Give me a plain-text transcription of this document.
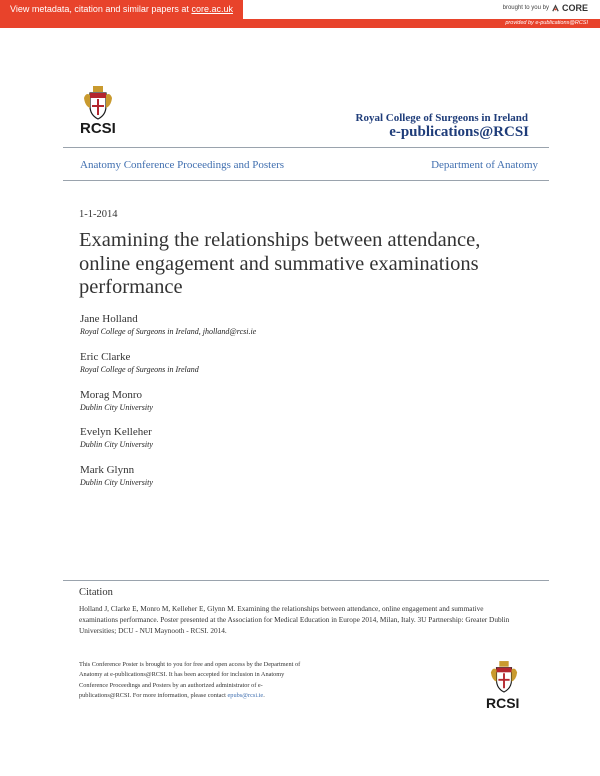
View metadata, citation and similar papers at core.ac.uk	brought to you by CORE
provided by e-publications@RCSI
RCSI
Royal College of Surgeons in Ireland
e-publications@RCSI
Anatomy Conference Proceedings and Posters	Department of Anatomy
1-1-2014
Examining the relationships between attendance, online engagement and summative examinations performance
Jane Holland
Royal College of Surgeons in Ireland, jholland@rcsi.ie
Eric Clarke
Royal College of Surgeons in Ireland
Morag Monro
Dublin City University
Evelyn Kelleher
Dublin City University
Mark Glynn
Dublin City University
Citation
Holland J, Clarke E, Monro M, Kelleher E, Glynn M. Examining the relationships between attendance, online engagement and summative examinations performance. Poster presented at the Association for Medical Education in Europe 2014, Milan, Italy. 3U Partnership: Greater Dublin Universities; DCU - NUI Maynooth - RCSI. 2014.
This Conference Poster is brought to you for free and open access by the Department of Anatomy at e-publications@RCSI. It has been accepted for inclusion in Anatomy Conference Proceedings and Posters by an authorized administrator of e-publications@RCSI. For more information, please contact epubs@rcsi.ie.	RCSI
